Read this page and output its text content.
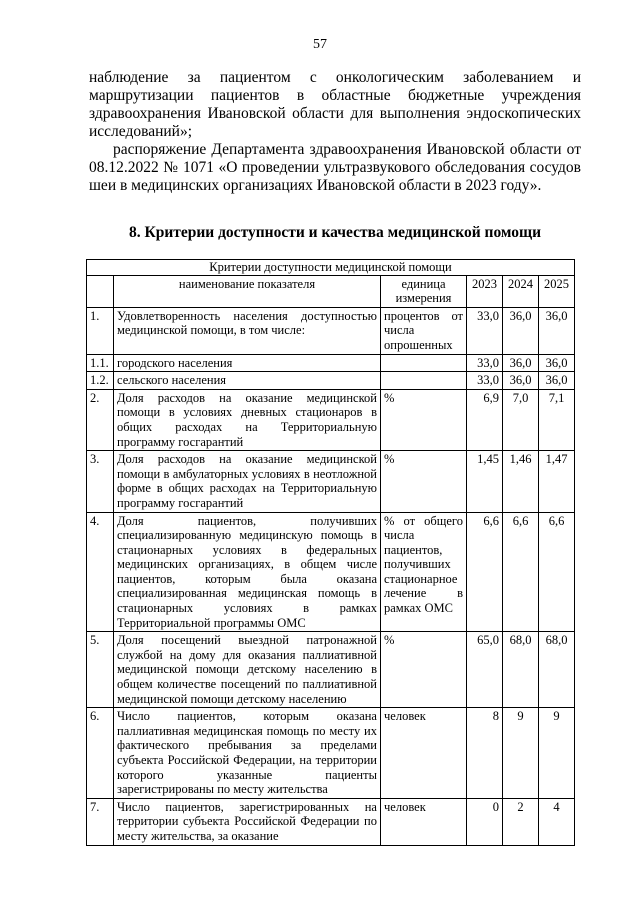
57

наблюдение за пациентом с онкологическим заболеванием и маршрутизации пациентов в областные бюджетные учреждения здравоохранения Ивановской области для выполнения эндоскопических исследований»;

распоряжение Департамента здравоохранения Ивановской области от 08.12.2022 № 1071 «О проведении ультразвукового обследования сосудов шеи в медицинских организациях Ивановской области в 2023 году».

8. Критерии доступности и качества медицинской помощи
Критерии доступности медицинской помощи					
	наименование показателя	единица измерения	2023	2024	2025
1.	Удовлетворенность населения доступностью медицинской помощи, в том числе:	процентов от числа опрошенных	33,0	36,0	36,0
1.1.	городского населения		33,0	36,0	36,0
1.2.	сельского населения		33,0	36,0	36,0
2.	Доля расходов на оказание медицинской помощи в условиях дневных стационаров в общих расходах на Территориальную программу госгарантий	%	6,9	7,0	7,1
3.	Доля расходов на оказание медицинской помощи в амбулаторных условиях в неотложной форме в общих расходах на Территориальную программу госгарантий	%	1,45	1,46	1,47
4.	Доля пациентов, получивших специализированную медицинскую помощь в стационарных условиях в федеральных медицинских организациях, в общем числе пациентов, которым была оказана специализированная медицинская помощь в стационарных условиях в рамках Территориальной программы ОМС	% от общего числа пациентов, получивших стационарное лечение в рамках ОМС	6,6	6,6	6,6
5.	Доля посещений выездной патронажной службой на дому для оказания паллиативной медицинской помощи детскому населению в общем количестве посещений по паллиативной медицинской помощи детскому населению	%	65,0	68,0	68,0
6.	Число пациентов, которым оказана паллиативная медицинская помощь по месту их фактического пребывания за пределами субъекта Российской Федерации, на территории которого указанные пациенты зарегистрированы по месту жительства	человек	8	9	9
7.	Число пациентов, зарегистрированных на территории субъекта Российской Федерации по месту жительства, за оказание	человек	0	2	4
